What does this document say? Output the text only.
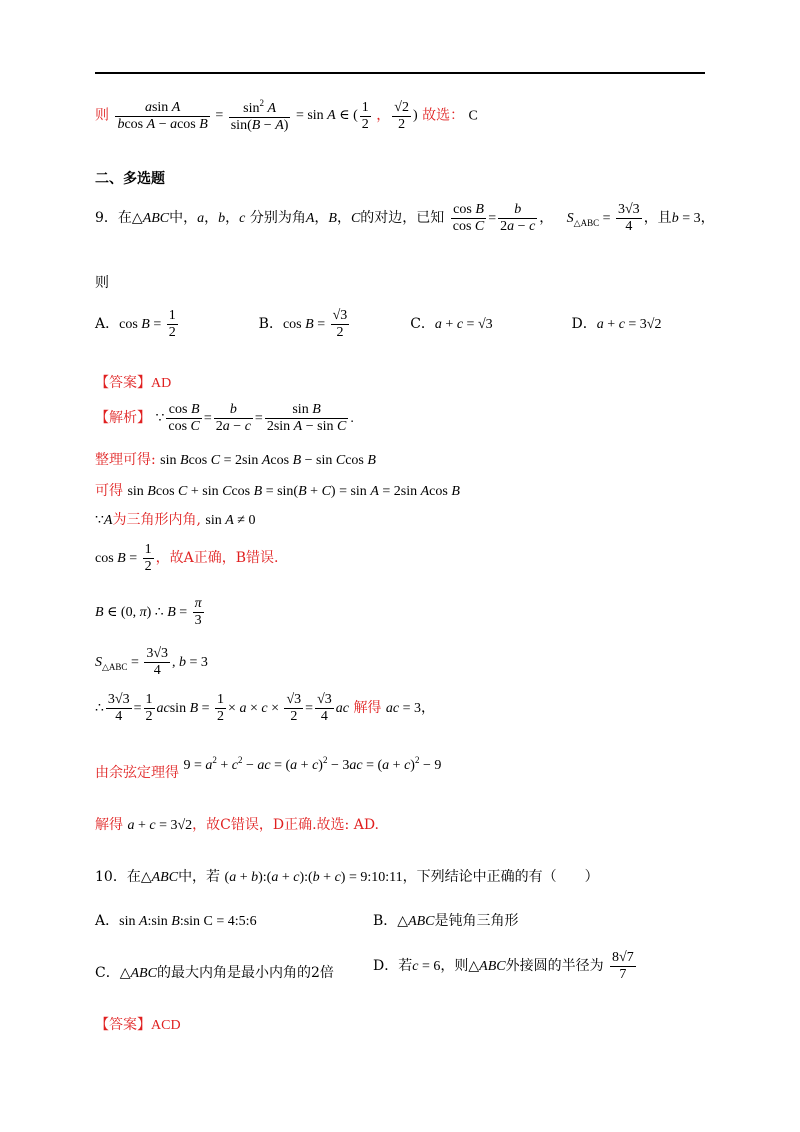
则 $\frac{\text{asin A}}{\text{bcos A − acos B}} = \frac{\sin^2 A}{\sin(B - A)} = \sin A$ ∈ ( $\frac{1}{2}$ ， $\frac{√2}{2}$ ) 故选： C
二、多选题
9．在△ABC中，a，b，c 分别为角A，B，C的对边，已知 $\frac{\text{cos B}}{\text{cos C}} = \frac{b}{2a - c}$ ， $S_{\triangle ABC} = \frac{3√3}{4}$ ，且b = 3，
则
A．$\cos B = \frac{1}{2}$	B．$\cos B = \frac{√3}{2}$	C．a + c = √3	D．a + c = 3√2
【答案】AD
【解析】 ∵ $\frac{\text{cos B}}{\text{cos C}} = \frac{b}{2a - c} = \frac{\text{sin B}}{\text{2sin A − sin C}}$ .
整理可得: sin Bcos C = 2sin Acos B − sin Ccos B
可得 sin Bcos C + sin Ccos B = sin(B + C) = sin A = 2sin Acos B
∵A为三角形内角, sin A ≠ 0
$\cos B = \frac{1}{2}$ ，故A正确，B错误.
B ∈ (0, π) ∴ $B = \frac{\pi}{3}$
$S_{\triangle ABC} = \frac{3√3}{4}$ , b = 3
∴ $\frac{3√3}{4} = \frac{1}{2}$ acsin $B = \frac{1}{2} \times a \times c \times \frac{√3}{2} = \frac{√3}{4}$ ac 解得 ac = 3，
由余弦定理得 $9 = a^2 + c^2$ − ac = $(a + c)^2 - 3ac = (a + c)^2 - 9$
解得 a + c = 3√2，故C错误，D正确.故选: AD.
10．在△ABC中，若 (a + b):(a + c):(b + c) = 9:10:11，下列结论中正确的有（　　）
A．sin A:sin B:sin C = 4:5:6	B．△ABC是钝角三角形
C．△ABC的最大内角是最小内角的2倍	D．若c = 6，则△ABC外接圆的半径为 $\frac{8√7}{7}$
【答案】ACD
